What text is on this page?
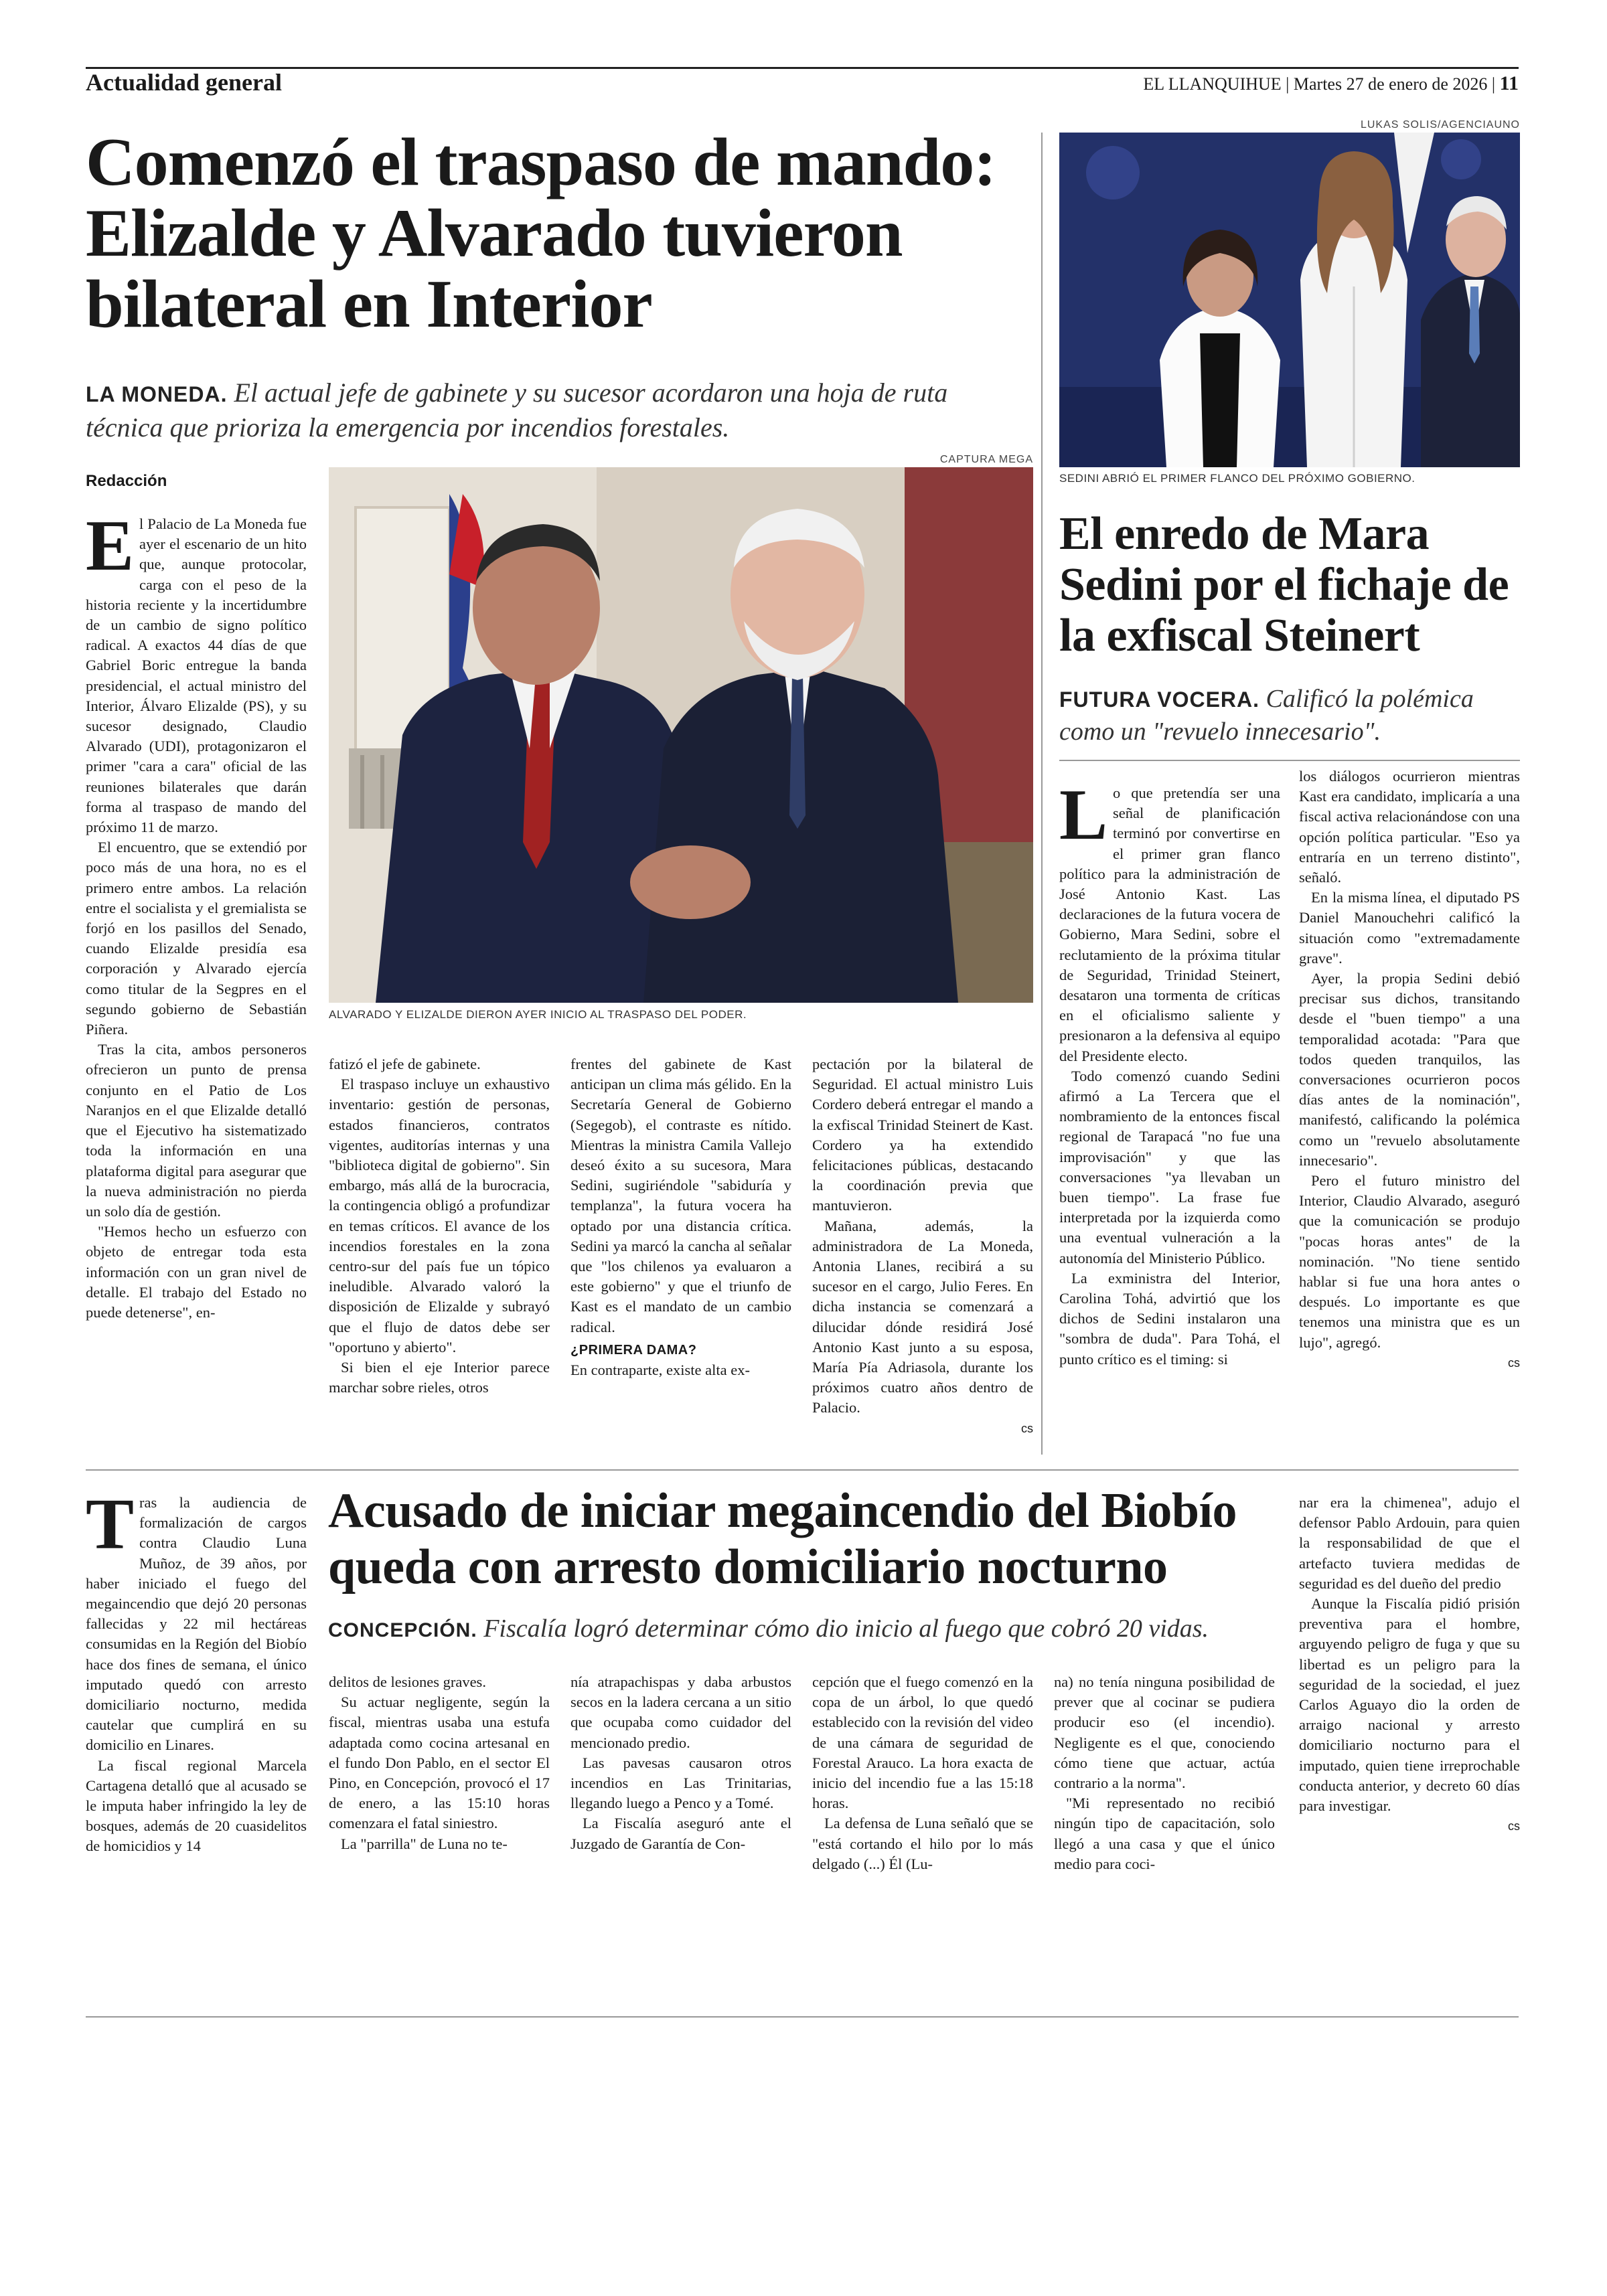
Actualidad general	EL LLANQUIHUE | Martes 27 de enero de 2026 | 11
Comenzó el traspaso de mando: Elizalde y Alvarado tuvieron bilateral en Interior
LA MONEDA. El actual jefe de gabinete y su sucesor acordaron una hoja de ruta técnica que prioriza la emergencia por incendios forestales.
Redacción
CAPTURA MEGA
ALVARADO Y ELIZALDE DIERON AYER INICIO AL TRASPASO DEL PODER.

El Palacio de La Moneda fue ayer el escenario de un hito que, aunque protocolar, carga con el peso de la historia reciente y la incertidumbre de un cambio de signo político radical. A exactos 44 días de que Gabriel Boric entregue la banda presidencial, el actual ministro del Interior, Álvaro Elizalde (PS), y su sucesor designado, Claudio Alvarado (UDI), protagonizaron el primer "cara a cara" oficial de las reuniones bilaterales que darán forma al traspaso de mando del próximo 11 de marzo.

El encuentro, que se extendió por poco más de una hora, no es el primero entre ambos. La relación entre el socialista y el gremialista se forjó en los pasillos del Senado, cuando Elizalde presidía esa corporación y Alvarado ejercía como titular de la Segpres en el segundo gobierno de Sebastián Piñera.

Tras la cita, ambos personeros ofrecieron un punto de prensa conjunto en el Patio de Los Naranjos en el que Elizalde detalló que el Ejecutivo ha sistematizado toda la información en una plataforma digital para asegurar que la nueva administración no pierda un solo día de gestión.

"Hemos hecho un esfuerzo con objeto de entregar toda esta información con un gran nivel de detalle. El trabajo del Estado no puede detenerse", en-

fatizó el jefe de gabinete.

El traspaso incluye un exhaustivo inventario: gestión de personas, estados financieros, contratos vigentes, auditorías internas y una "biblioteca digital de gobierno". Sin embargo, más allá de la burocracia, la contingencia obligó a profundizar en temas críticos. El avance de los incendios forestales en la zona centro-sur del país fue un tópico ineludible. Alvarado valoró la disposición de Elizalde y subrayó que el flujo de datos debe ser "oportuno y abierto".

Si bien el eje Interior parece marchar sobre rieles, otros

frentes del gabinete de Kast anticipan un clima más gélido. En la Secretaría General de Gobierno (Segegob), el contraste es nítido. Mientras la ministra Camila Vallejo deseó éxito a su sucesora, Mara Sedini, sugiriéndole "sabiduría y templanza", la futura vocera ha optado por una distancia crítica. Sedini ya marcó la cancha al señalar que "los chilenos ya evaluaron a este gobierno" y que el triunfo de Kast es el mandato de un cambio radical.

¿PRIMERA DAMA?

En contraparte, existe alta ex-

pectación por la bilateral de Seguridad. El actual ministro Luis Cordero deberá entregar el mando a la exfiscal Trinidad Steinert de Kast. Cordero ya ha extendido felicitaciones públicas, destacando la coordinación previa que mantuvieron.

Mañana, además, la administradora de La Moneda, Antonia Llanes, recibirá a su sucesor en el cargo, Julio Feres. En dicha instancia se comenzará a dilucidar dónde residirá José Antonio Kast junto a su esposa, María Pía Adriasola, durante los próximos cuatro años dentro de Palacio.

cs
LUKAS SOLIS/AGENCIAUNO
SEDINI ABRIÓ EL PRIMER FLANCO DEL PRÓXIMO GOBIERNO.
El enredo de Mara Sedini por el fichaje de la exfiscal Steinert
FUTURA VOCERA. Calificó la polémica como un "revuelo innecesario".

Lo que pretendía ser una señal de planificación terminó por convertirse en el primer gran flanco político para la administración de José Antonio Kast. Las declaraciones de la futura vocera de Gobierno, Mara Sedini, sobre el reclutamiento de la próxima titular de Seguridad, Trinidad Steinert, desataron una tormenta de críticas en el oficialismo saliente y presionaron a la defensiva al equipo del Presidente electo.

Todo comenzó cuando Sedini afirmó a La Tercera que el nombramiento de la entonces fiscal regional de Tarapacá "no fue una improvisación" y que las conversaciones "ya llevaban un buen tiempo". La frase fue interpretada por la izquierda como una eventual vulneración a la autonomía del Ministerio Público.

La exministra del Interior, Carolina Tohá, advirtió que los dichos de Sedini instalaron una "sombra de duda". Para Tohá, el punto crítico es el timing: si

los diálogos ocurrieron mientras Kast era candidato, implicaría a una fiscal activa relacionándose con una opción política particular. "Eso ya entraría en un terreno distinto", señaló.

En la misma línea, el diputado PS Daniel Manouchehri calificó la situación como "extremadamente grave".

Ayer, la propia Sedini debió precisar sus dichos, transitando desde el "buen tiempo" a una temporalidad acotada: "Para que todos queden tranquilos, las conversaciones ocurrieron pocos días antes de la nominación", manifestó, calificando la polémica como un "revuelo absolutamente innecesario".

Pero el futuro ministro del Interior, Claudio Alvarado, aseguró que la comunicación se produjo "pocas horas antes" de la nominación. "No tiene sentido hablar si fue una hora antes o después. Lo importante es que tenemos una ministra que es un lujo", agregó.

cs
Acusado de iniciar megaincendio del Biobío queda con arresto domiciliario nocturno
CONCEPCIÓN. Fiscalía logró determinar cómo dio inicio al fuego que cobró 20 vidas.

Tras la audiencia de formalización de cargos contra Claudio Luna Muñoz, de 39 años, por haber iniciado el fuego del megaincendio que dejó 20 personas fallecidas y 22 mil hectáreas consumidas en la Región del Biobío hace dos fines de semana, el único imputado quedó con arresto domiciliario nocturno, medida cautelar que cumplirá en su domicilio en Linares.

La fiscal regional Marcela Cartagena detalló que al acusado se le imputa haber infringido la ley de bosques, además de 20 cuasidelitos de homicidios y 14

delitos de lesiones graves.

Su actuar negligente, según la fiscal, mientras usaba una estufa adaptada como cocina artesanal en el fundo Don Pablo, en el sector El Pino, en Concepción, provocó el 17 de enero, a las 15:10 horas comenzara el fatal siniestro.

La "parrilla" de Luna no te-

nía atrapachispas y daba arbustos secos en la ladera cercana a un sitio que ocupaba como cuidador del mencionado predio.

Las pavesas causaron otros incendios en Las Trinitarias, llegando luego a Penco y a Tomé.

La Fiscalía aseguró ante el Juzgado de Garantía de Con-

cepción que el fuego comenzó en la copa de un árbol, lo que quedó establecido con la revisión del video de una cámara de seguridad de Forestal Arauco. La hora exacta de inicio del incendio fue a las 15:18 horas.

La defensa de Luna señaló que se "está cortando el hilo por lo más delgado (...) Él (Lu-

na) no tenía ninguna posibilidad de prever que al cocinar se pudiera producir eso (el incendio). Negligente es el que, conociendo cómo tiene que actuar, actúa contrario a la norma".

"Mi representado no recibió ningún tipo de capacitación, solo llegó a una casa y que el único medio para coci-

nar era la chimenea", adujo el defensor Pablo Ardouin, para quien la responsabilidad de que el artefacto tuviera medidas de seguridad es del dueño del predio

Aunque la Fiscalía pidió prisión preventiva para el hombre, arguyendo peligro de fuga y que su libertad es un peligro para la seguridad de la sociedad, el juez Carlos Aguayo dio la orden de arraigo nacional y arresto domiciliario nocturno para el imputado, quien tiene irreprochable conducta anterior, y decreto 60 días para investigar.

cs
